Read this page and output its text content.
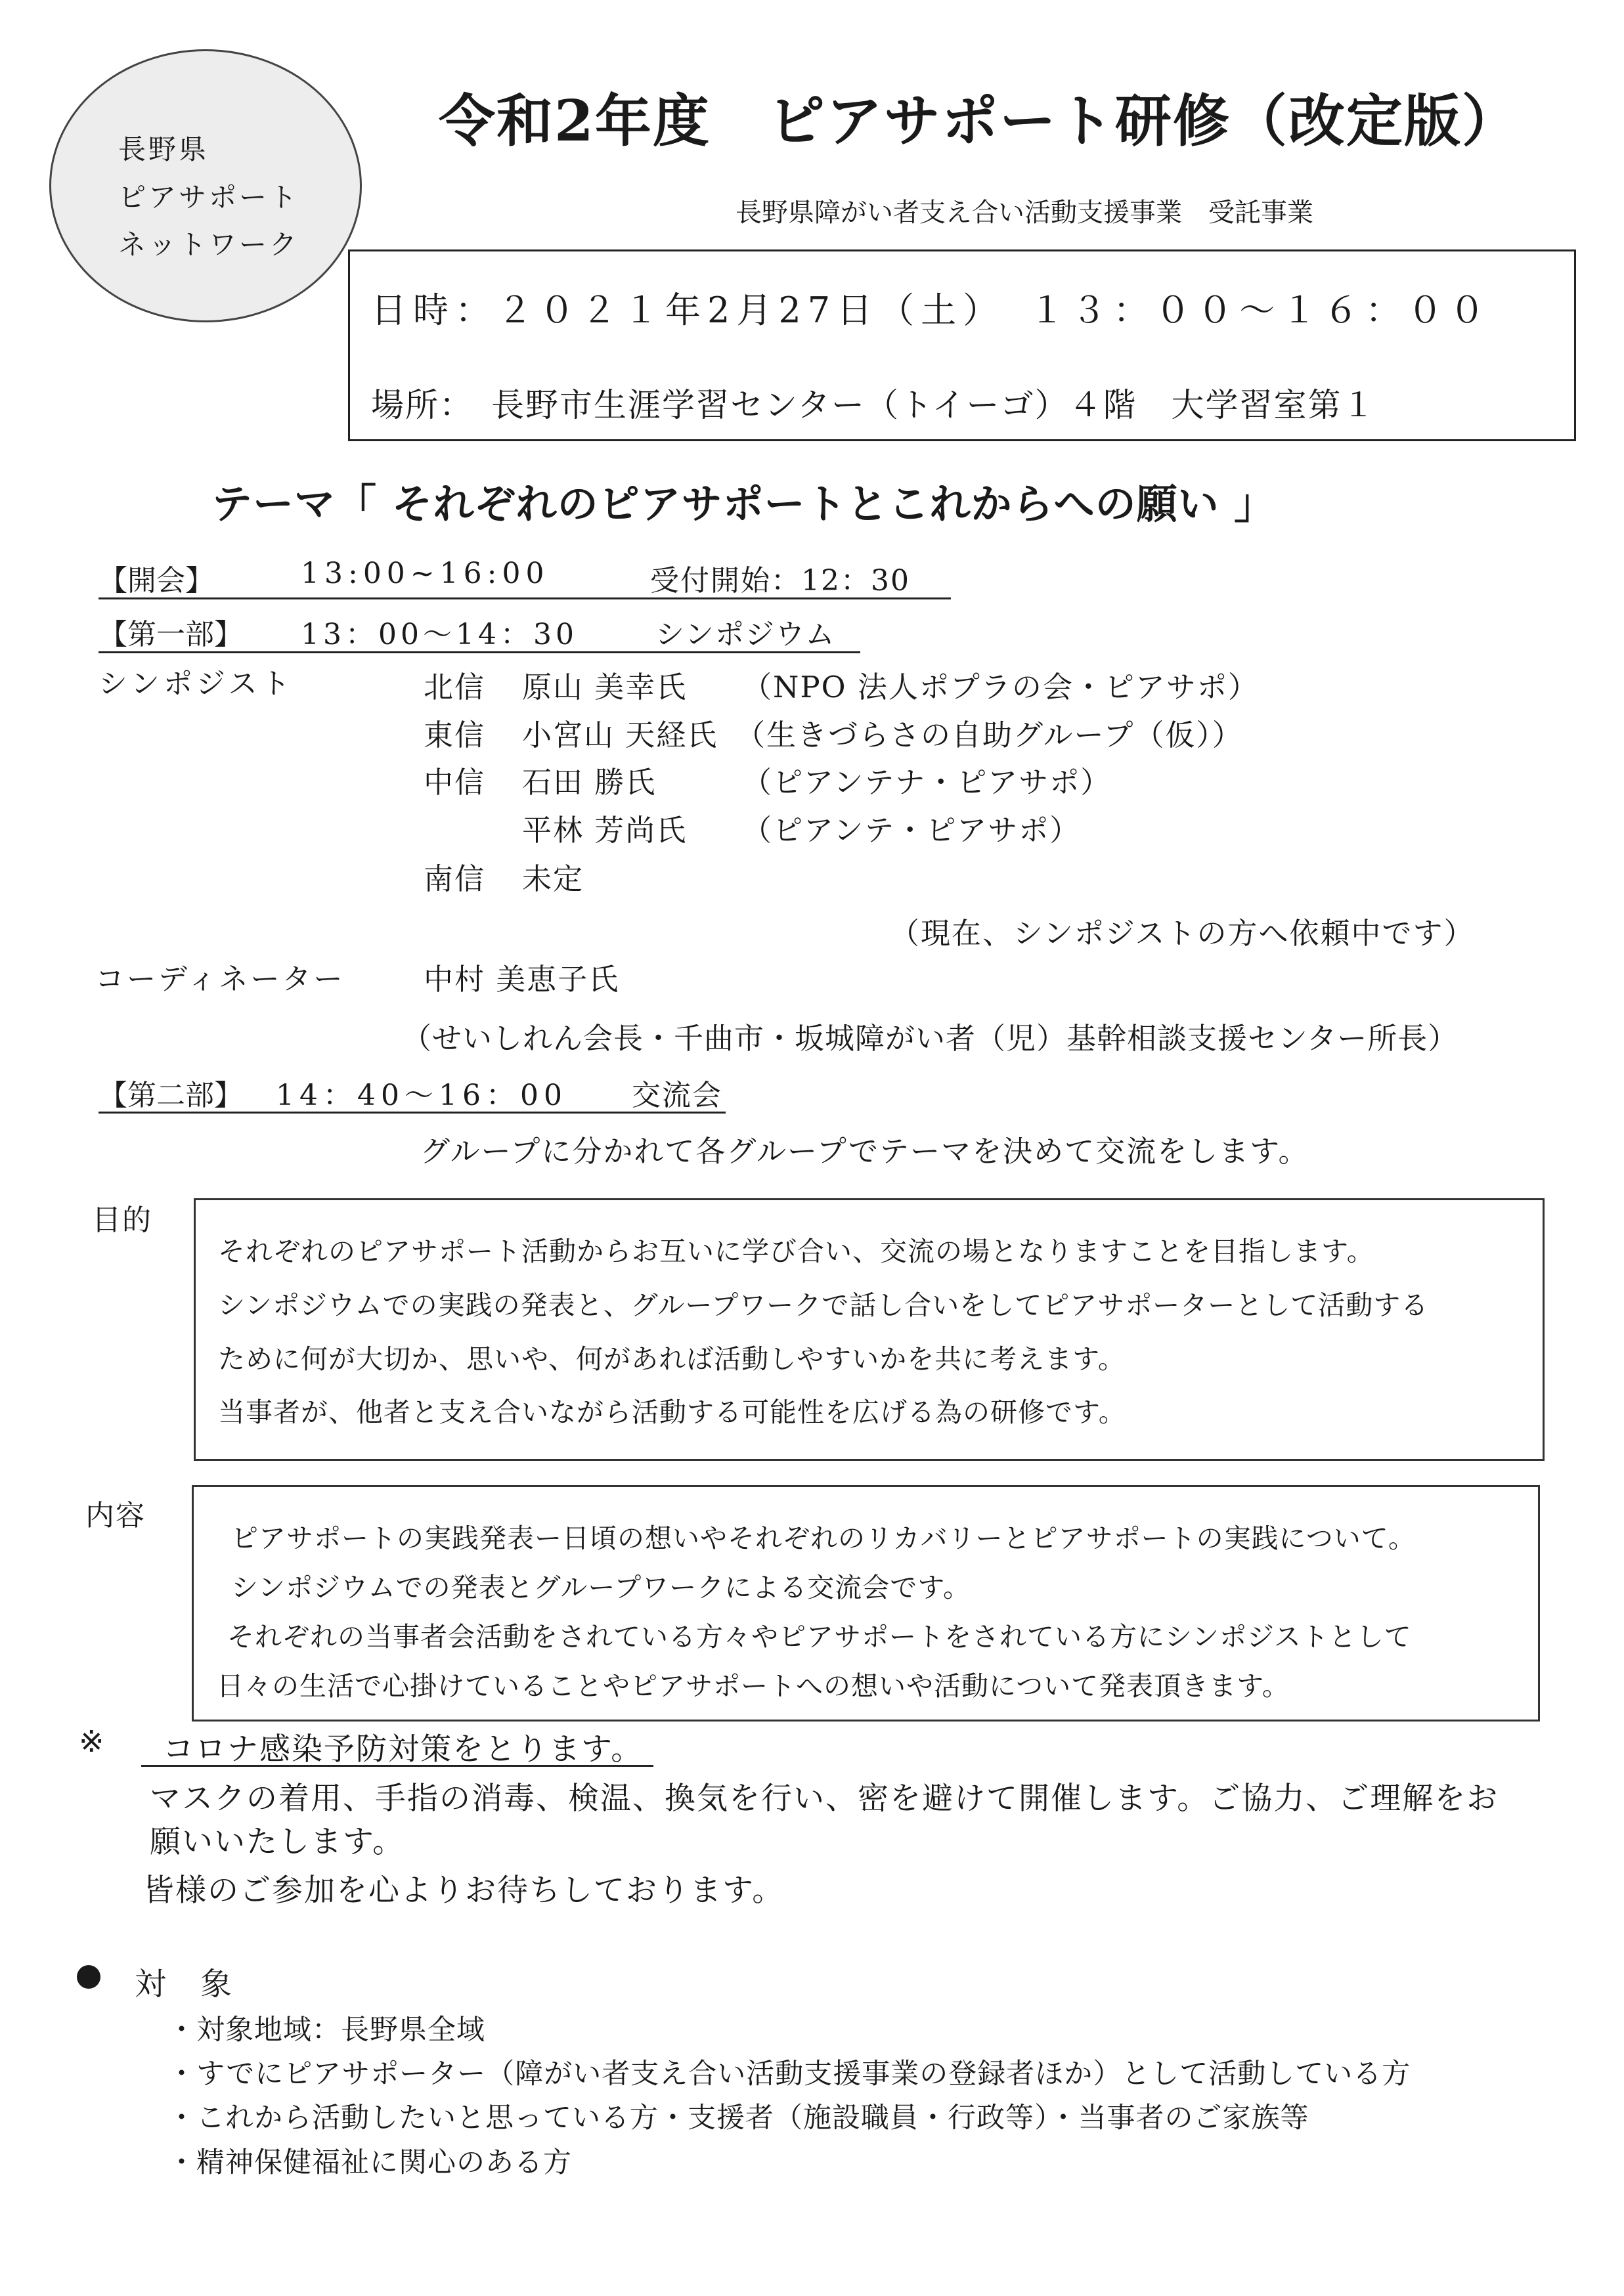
長野県
ピアサポート
ネットワーク
令和2年度　ピアサポート研修（改定版）
長野県障がい者支え合い活動支援事業　受託事業
日時：２０２１年2月27日（土）　１３：００〜１６：００
場所：　長野市生涯学習センター（トイーゴ）４階　大学習室第１
テーマ「 それぞれのピアサポートとこれからへの願い 」
【開会】	13:00~16:00	受付開始：12：30
【第一部】 13：00〜14：30	シンポジウム
シンポジスト	北信 原山 美幸氏 （NPO 法人ポプラの会・ピアサポ）
東信 小宮山 天経氏 （生きづらさの自助グループ（仮））
中信 石田 勝氏	（ピアンテナ・ピアサポ）
平林 芳尚氏 （ピアンテ・ピアサポ）
南信 未定
（現在、シンポジストの方へ依頼中です）
コーディネーター	中村 美恵子氏
（せいしれん会長・千曲市・坂城障がい者（児）基幹相談支援センター所長）
【第二部】 14：40〜16：00 交流会
グループに分かれて各グループでテーマを決めて交流をします。
目的
それぞれのピアサポート活動からお互いに学び合い、交流の場となりますことを目指します。
シンポジウムでの実践の発表と、グループワークで話し合いをしてピアサポーターとして活動する
ために何が大切か、思いや、何があれば活動しやすいかを共に考えます。
当事者が、他者と支え合いながら活動する可能性を広げる為の研修です。
内容
ピアサポートの実践発表ー日頃の想いやそれぞれのリカバリーとピアサポートの実践について。
シンポジウムでの発表とグループワークによる交流会です。
それぞれの当事者会活動をされている方々やピアサポートをされている方にシンポジストとして
日々の生活で心掛けていることやピアサポートへの想いや活動について発表頂きます。
※ コロナ感染予防対策をとります。
マスクの着用、手指の消毒、検温、換気を行い、密を避けて開催します。ご協力、ご理解をお
願いいたします。
皆様のご参加を心よりお待ちしております。
対　象
・対象地域：長野県全域
・すでにピアサポーター（障がい者支え合い活動支援事業の登録者ほか）として活動している方
・これから活動したいと思っている方・支援者（施設職員・行政等）・当事者のご家族等
・精神保健福祉に関心のある方
